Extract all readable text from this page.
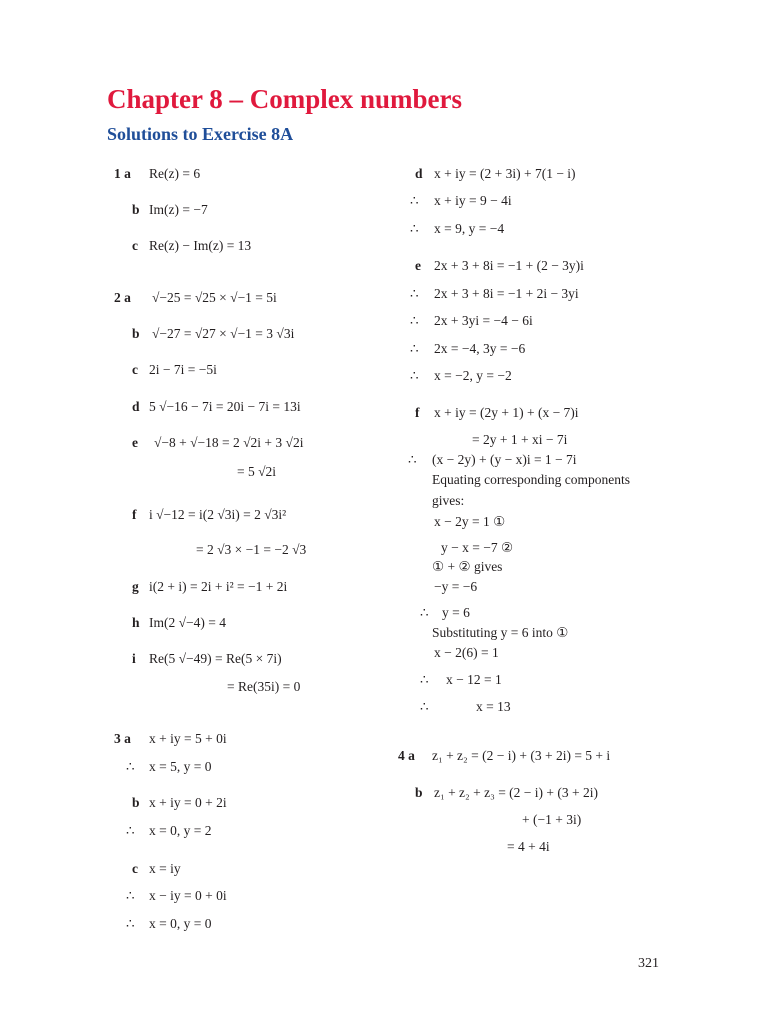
Chapter 8 – Complex numbers
Solutions to Exercise 8A
1 a Re(z) = 6
b Im(z) = −7
c Re(z) − Im(z) = 13
2 a √−25 = √25 × √−1 = 5i
b √−27 = √27 × √−1 = 3 √3i
c 2i − 7i = −5i
d 5 √−16 − 7i = 20i − 7i = 13i
e √−8 + √−18 = 2 √2i + 3 √2i
= 5 √2i
f i √−12 = i(2 √3i) = 2 √3i²
= 2 √3 × −1 = −2 √3
g i(2 + i) = 2i + i² = −1 + 2i
h Im(2 √−4) = 4
i Re(5 √−49) = Re(5 × 7i)
= Re(35i) = 0
3 a x + iy = 5 + 0i
∴ x = 5, y = 0
b x + iy = 0 + 2i
∴ x = 0, y = 2
c x = iy
∴ x − iy = 0 + 0i
∴ x = 0, y = 0
d x + iy = (2 + 3i) + 7(1 − i)
∴ x + iy = 9 − 4i
∴ x = 9, y = −4
e 2x + 3 + 8i = −1 + (2 − 3y)i
∴ 2x + 3 + 8i = −1 + 2i − 3yi
∴ 2x + 3yi = −4 − 6i
∴ 2x = −4, 3y = −6
∴ x = −2, y = −2
f x + iy = (2y + 1) + (x − 7)i
= 2y + 1 + xi − 7i
∴ (x − 2y) + (y − x)i = 1 − 7i
Equating corresponding components
gives:
x − 2y = 1 ①
y − x = −7 ②
① + ② gives
−y = −6
∴ y = 6
Substituting y = 6 into ①
x − 2(6) = 1
∴ x − 12 = 1
∴	x = 13
4 a z₁ + z₂ = (2 − i) + (3 + 2i) = 5 + i
b z₁ + z₂ + z₃ = (2 − i) + (3 + 2i)
+ (−1 + 3i)
= 4 + 4i
321
